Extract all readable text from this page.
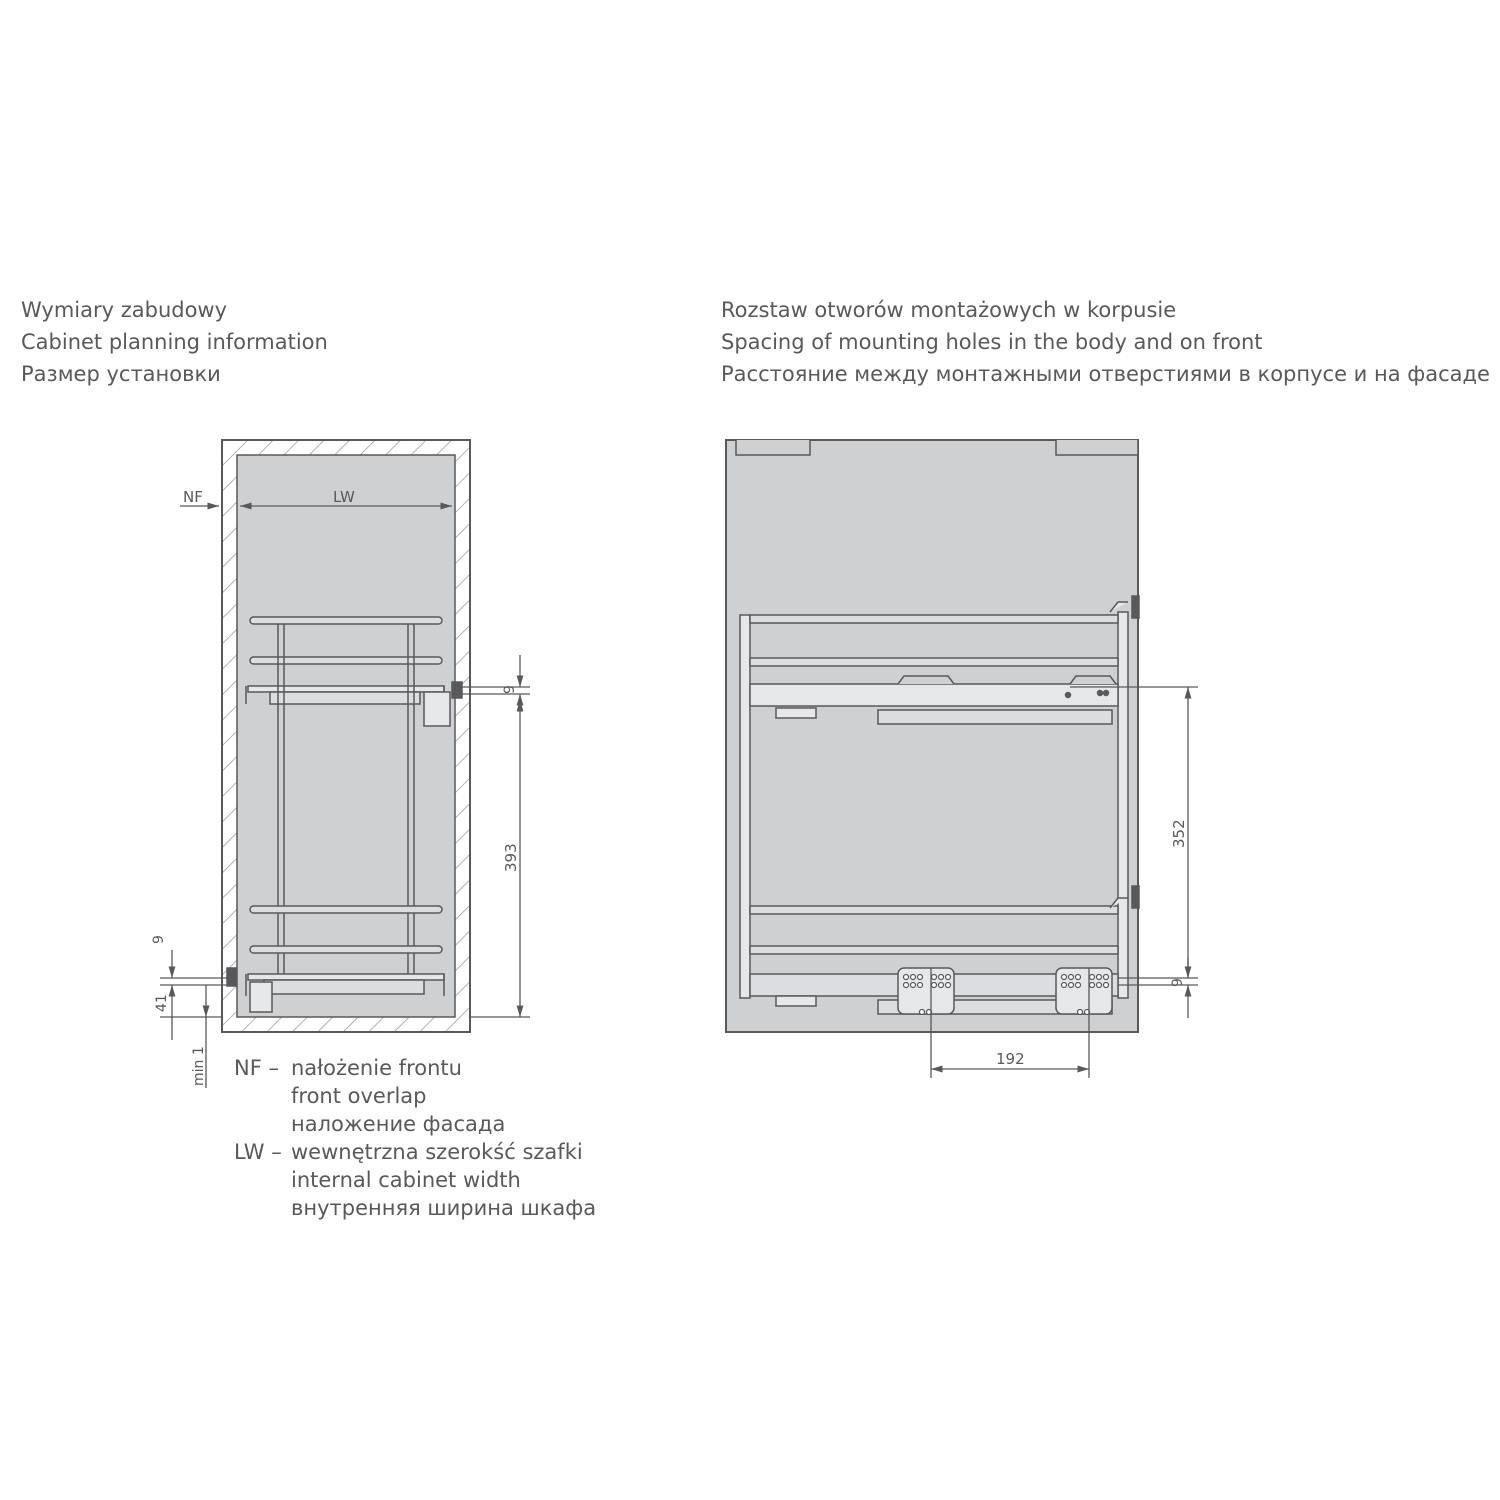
Wymiary zabudowy
Cabinet planning information
Размер установки
Rozstaw otworów montażowych w korpusie
Spacing of mounting holes in the body and on front
Расстояние между монтажными отверстиями в корпусе и на фасаде
NF	LW
9
393
9
41
min 1
352
9
192
NF – nałożenie frontu
front overlap
наложение фасада
LW – wewnętrzna szerokść szafki
internal cabinet width
внутренняя ширина шкафа
